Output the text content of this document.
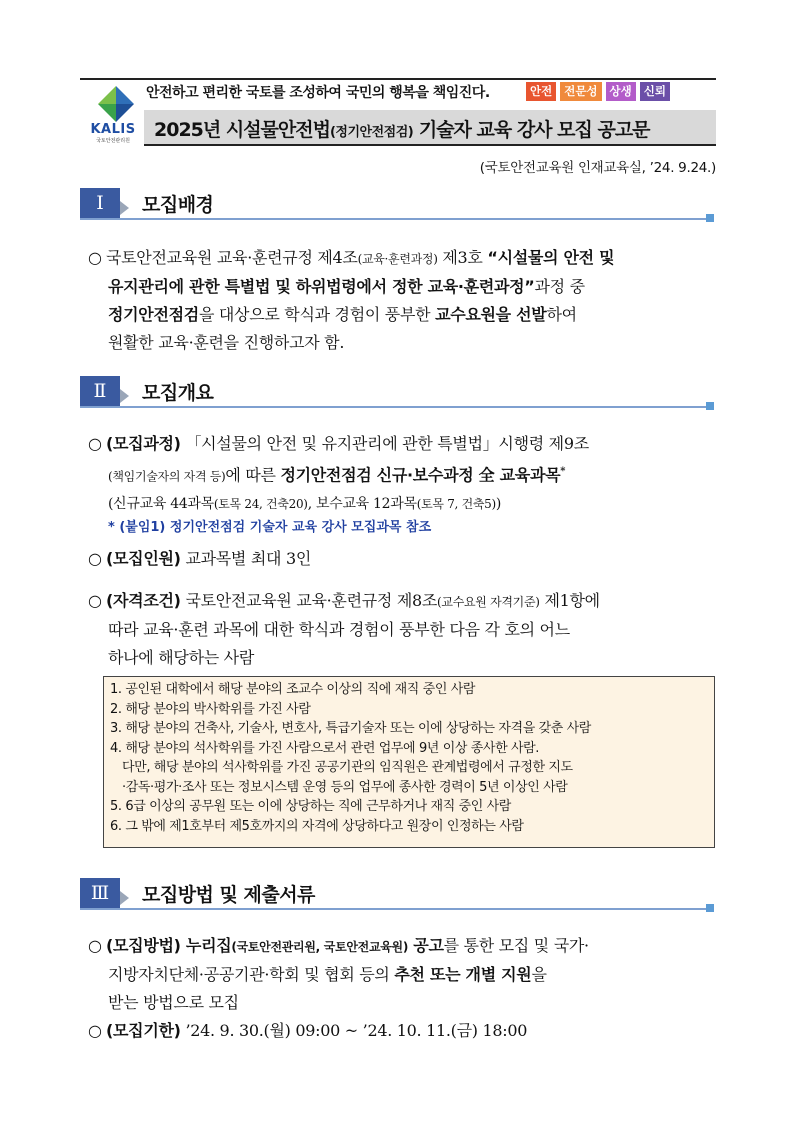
KALIS
국토안전관리원
안전하고 편리한 국토를 조성하여 국민의 행복을 책임진다.	안전	전문성	상생	신뢰
2025년 시설물안전법(정기안전점검) 기술자 교육 강사 모집 공고문
(국토안전교육원 인재교육실, ’24. 9.24.)
Ⅰ	모집배경
○ 국토안전교육원 교육·훈련규정 제4조(교육·훈련과정) 제3호 “시설물의 안전 및
유지관리에 관한 특별법 및 하위법령에서 정한 교육·훈련과정”과정 중
정기안전점검을 대상으로 학식과 경험이 풍부한 교수요원을 선발하여
원활한 교육·훈련을 진행하고자 함.
Ⅱ	모집개요
○ (모집과정) 「시설물의 안전 및 유지관리에 관한 특별법」시행령 제9조
(책임기술자의 자격 등)에 따른 정기안전점검 신규·보수과정 全 교육과목*
(신규교육 44과목(토목 24, 건축20), 보수교육 12과목(토목 7, 건축5))
* (붙임1) 정기안전점검 기술자 교육 강사 모집과목 참조
○ (모집인원) 교과목별 최대 3인
○ (자격조건) 국토안전교육원 교육·훈련규정 제8조(교수요원 자격기준) 제1항에
따라 교육·훈련 과목에 대한 학식과 경험이 풍부한 다음 각 호의 어느
하나에 해당하는 사람
1. 공인된 대학에서 해당 분야의 조교수 이상의 직에 재직 중인 사람
2. 해당 분야의 박사학위를 가진 사람
3. 해당 분야의 건축사, 기술사, 변호사, 특급기술자 또는 이에 상당하는 자격을 갖춘 사람
4. 해당 분야의 석사학위를 가진 사람으로서 관련 업무에 9년 이상 종사한 사람.
다만, 해당 분야의 석사학위를 가진 공공기관의 임직원은 관계법령에서 규정한 지도
·감독·평가·조사 또는 정보시스템 운영 등의 업무에 종사한 경력이 5년 이상인 사람
5. 6급 이상의 공무원 또는 이에 상당하는 직에 근무하거나 재직 중인 사람
6. 그 밖에 제1호부터 제5호까지의 자격에 상당하다고 원장이 인정하는 사람
Ⅲ	모집방법 및 제출서류
○ (모집방법) 누리집(국토안전관리원, 국토안전교육원) 공고를 통한 모집 및 국가·
지방자치단체·공공기관·학회 및 협회 등의 추천 또는 개별 지원을
받는 방법으로 모집
○ (모집기한) ’24. 9. 30.(월) 09:00 ~ ’24. 10. 11.(금) 18:00
